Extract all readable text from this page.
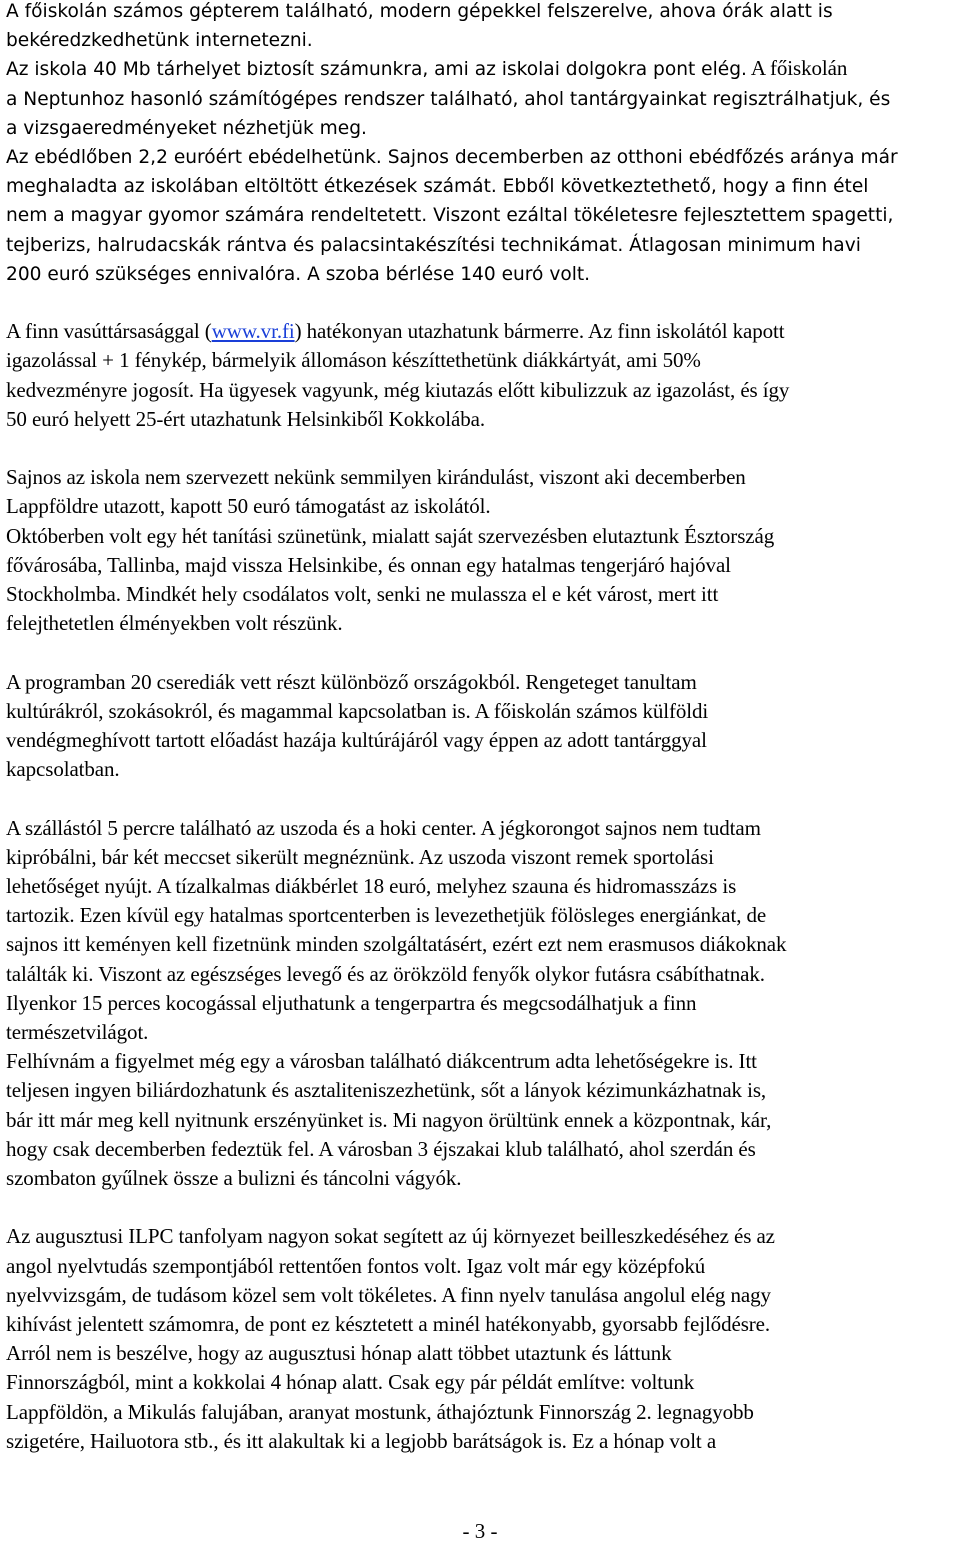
A főiskolán számos gépterem található, modern gépekkel felszerelve, ahova órák alatt is
bekéredzkedhetünk internetezni.
Az iskola 40 Mb tárhelyet biztosít számunkra, ami az iskolai dolgokra pont elég. A főiskolán
a Neptunhoz hasonló számítógépes rendszer található, ahol tantárgyainkat regisztrálhatjuk, és
a vizsgaeredményeket nézhetjük meg.
Az ebédlőben 2,2 euróért ebédelhetünk. Sajnos decemberben az otthoni ebédfőzés aránya már
meghaladta az iskolában eltöltött étkezések számát. Ebből következtethető, hogy a finn étel
nem a magyar gyomor számára rendeltetett. Viszont ezáltal tökéletesre fejlesztettem spagetti,
tejberizs, halrudacskák rántva és palacsintakészítési technikámat. Átlagosan minimum havi
200 euró szükséges ennivalóra. A szoba bérlése 140 euró volt.
A finn vasúttársasággal (www.vr.fi) hatékonyan utazhatunk bármerre. Az finn iskolától kapott
igazolással + 1 fénykép, bármelyik állomáson készíttethetünk diákkártyát, ami 50%
kedvezményre jogosít. Ha ügyesek vagyunk, még kiutazás előtt kibulizzuk az igazolást, és így
50 euró helyett 25-ért utazhatunk Helsinkiből Kokkolába.
Sajnos az iskola nem szervezett nekünk semmilyen kirándulást, viszont aki decemberben
Lappföldre utazott, kapott 50 euró támogatást az iskolától.
Októberben volt egy hét tanítási szünetünk, mialatt saját szervezésben elutaztunk Észtország
fővárosába, Tallinba, majd vissza Helsinkibe, és onnan egy hatalmas tengerjáró hajóval
Stockholmba. Mindkét hely csodálatos volt, senki ne mulassza el e két várost, mert itt
felejthetetlen élményekben volt részünk.
A programban 20 cserediák vett részt különböző országokból. Rengeteget tanultam
kultúrákról, szokásokról, és magammal kapcsolatban is. A főiskolán számos külföldi
vendégmeghívott tartott előadást hazája kultúrájáról vagy éppen az adott tantárggyal
kapcsolatban.
A szállástól 5 percre található az uszoda és a hoki center. A jégkorongot sajnos nem tudtam
kipróbálni, bár két meccset sikerült megnéznünk. Az uszoda viszont remek sportolási
lehetőséget nyújt. A tízalkalmas diákbérlet 18 euró, melyhez szauna és hidromasszázs is
tartozik. Ezen kívül egy hatalmas sportcenterben is levezethetjük fölösleges energiánkat, de
sajnos itt keményen kell fizetnünk minden szolgáltatásért, ezért ezt nem erasmusos diákoknak
találták ki. Viszont az egészséges levegő és az örökzöld fenyők olykor futásra csábíthatnak.
Ilyenkor 15 perces kocogással eljuthatunk a tengerpartra és megcsodálhatjuk a finn
természetvilágot.
Felhívnám a figyelmet még egy a városban található diákcentrum adta lehetőségekre is. Itt
teljesen ingyen biliárdozhatunk és asztaliteniszezhetünk, sőt a lányok kézimunkázhatnak is,
bár itt már meg kell nyitnunk erszényünket is. Mi nagyon örültünk ennek a központnak, kár,
hogy csak decemberben fedeztük fel. A városban 3 éjszakai klub található, ahol szerdán és
szombaton gyűlnek össze a bulizni és táncolni vágyók.
Az augusztusi ILPC tanfolyam nagyon sokat segített az új környezet beilleszkedéséhez és az
angol nyelvtudás szempontjából rettentően fontos volt. Igaz volt már egy középfokú
nyelvvizsgám, de tudásom közel sem volt tökéletes. A finn nyelv tanulása angolul elég nagy
kihívást jelentett számomra, de pont ez késztetett a minél hatékonyabb, gyorsabb fejlődésre.
Arról nem is beszélve, hogy az augusztusi hónap alatt többet utaztunk és láttunk
Finnországból, mint a kokkolai 4 hónap alatt. Csak egy pár példát említve: voltunk
Lappföldön, a Mikulás falujában, aranyat mostunk, áthajóztunk Finnország 2. legnagyobb
szigetére, Hailuotora stb., és itt alakultak ki a legjobb barátságok is. Ez a hónap volt a
- 3 -
